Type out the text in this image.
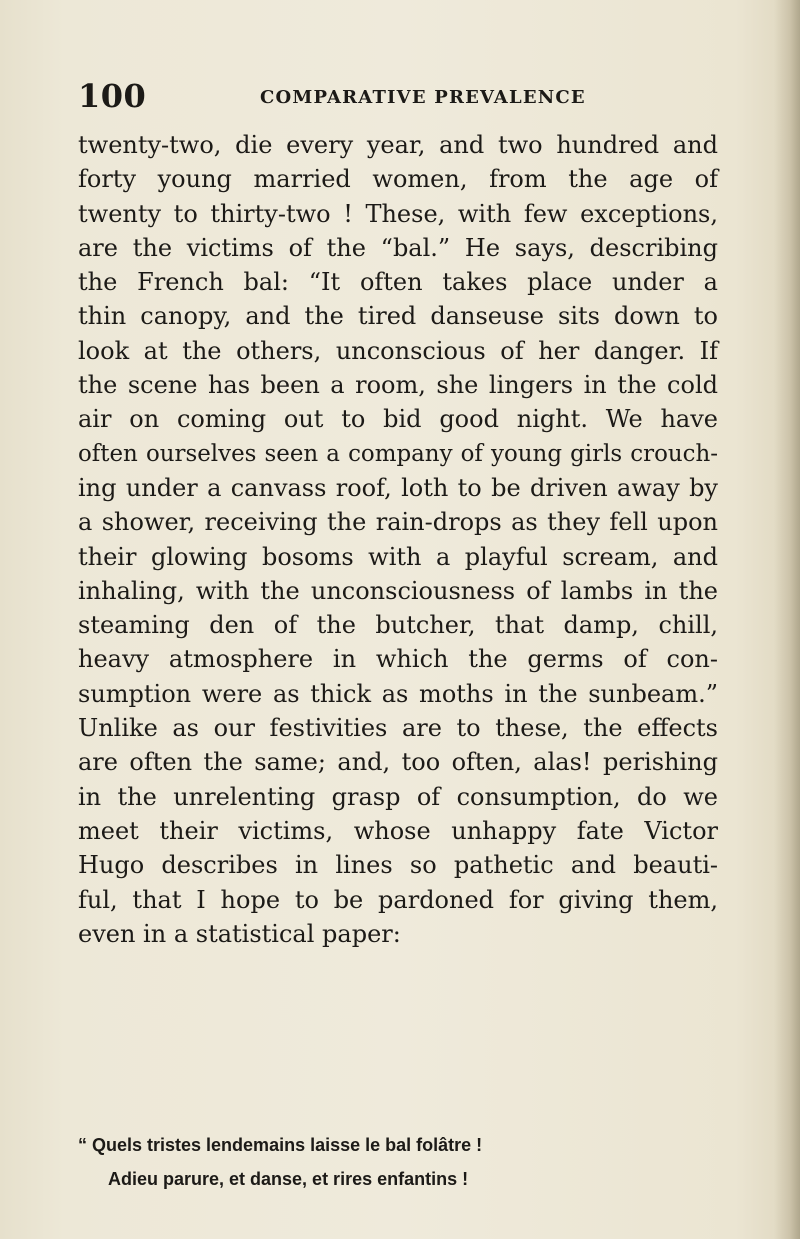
100	COMPARATIVE PREVALENCE
twenty-two, die every year, and two hundred and
forty young married women, from the age of
twenty to thirty-two ! These, with few exceptions,
are the victims of the “bal.” He says, describing
the French bal: “It often takes place under a
thin canopy, and the tired danseuse sits down to
look at the others, unconscious of her danger. If
the scene has been a room, she lingers in the cold
air on coming out to bid good night. We have
often ourselves seen a company of young girls crouch-
ing under a canvass roof, loth to be driven away by
a shower, receiving the rain-drops as they fell upon
their glowing bosoms with a playful scream, and
inhaling, with the unconsciousness of lambs in the
steaming den of the butcher, that damp, chill,
heavy atmosphere in which the germs of con-
sumption were as thick as moths in the sunbeam.”
Unlike as our festivities are to these, the effects
are often the same; and, too often, alas! perishing
in the unrelenting grasp of consumption, do we
meet their victims, whose unhappy fate Victor
Hugo describes in lines so pathetic and beauti-
ful, that I hope to be pardoned for giving them,
even in a statistical paper:
“ Quels tristes lendemains laisse le bal folâtre !
Adieu parure, et danse, et rires enfantins !
